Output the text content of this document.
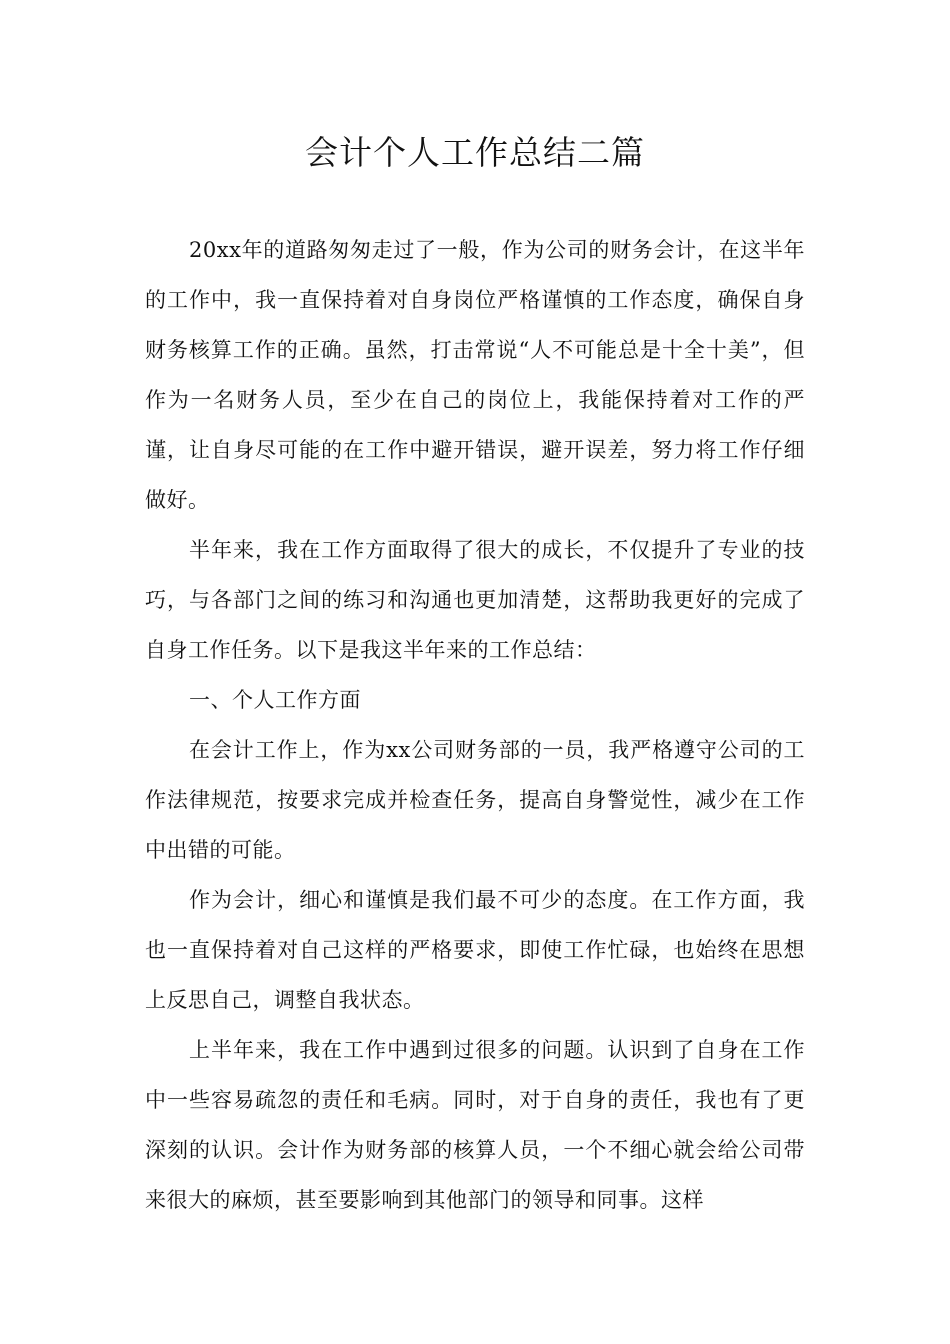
会计个人工作总结二篇

20xx年的道路匆匆走过了一般，作为公司的财务会计，在这半年的工作中，我一直保持着对自身岗位严格谨慎的工作态度，确保自身财务核算工作的正确。虽然，打击常说“人不可能总是十全十美”，但作为一名财务人员，至少在自己的岗位上，我能保持着对工作的严谨，让自身尽可能的在工作中避开错误，避开误差，努力将工作仔细做好。

半年来，我在工作方面取得了很大的成长，不仅提升了专业的技巧，与各部门之间的练习和沟通也更加清楚，这帮助我更好的完成了自身工作任务。以下是我这半年来的工作总结：

一、个人工作方面

在会计工作上，作为xx公司财务部的一员，我严格遵守公司的工作法律规范，按要求完成并检查任务，提高自身警觉性，减少在工作中出错的可能。

作为会计，细心和谨慎是我们最不可少的态度。在工作方面，我也一直保持着对自己这样的严格要求，即使工作忙碌，也始终在思想上反思自己，调整自我状态。

上半年来，我在工作中遇到过很多的问题。认识到了自身在工作中一些容易疏忽的责任和毛病。同时，对于自身的责任，我也有了更深刻的认识。会计作为财务部的核算人员，一个不细心就会给公司带来很大的麻烦，甚至要影响到其他部门的领导和同事。这样
